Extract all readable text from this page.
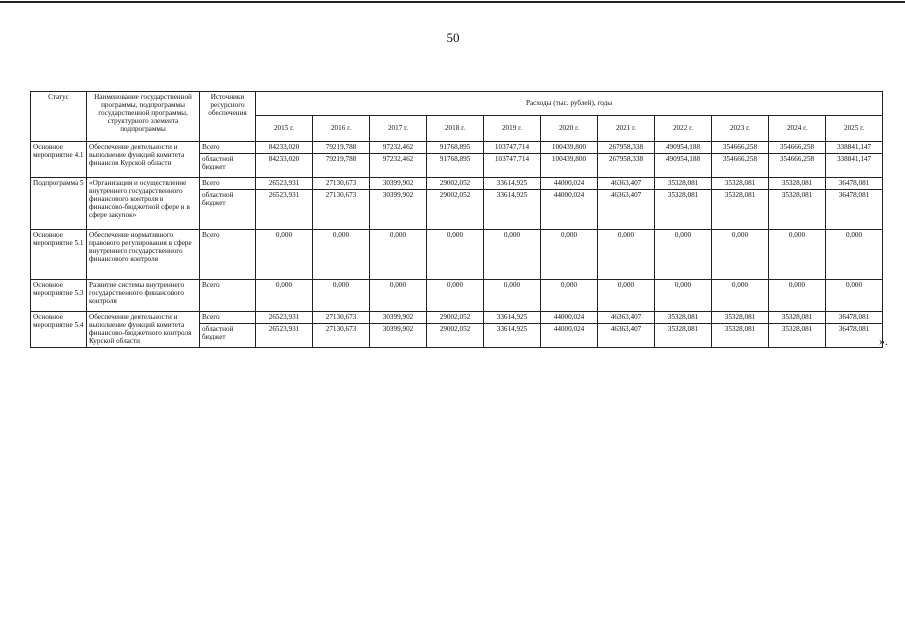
50
Статус	Наименование государственной программы, подпрограммы государственной программы, структурного элемента подпрограммы	Источники ресурсного обеспечения	Расходы (тыс. рублей), годы										
			2015 г.	2016 г.	2017 г.	2018 г.	2019 г.	2020 г.	2021 г.	2022 г.	2023 г.	2024 г.	2025 г.
Основное мероприятие 4.1	Обеспечение деятельности и выполнение функций комитета финансов Курской области	Всего	84233,020	79219,788	97232,462	91768,895	103747,714	100439,800	267958,338	490954,188	354666,258	354666,258	338841,147
		областной бюджет	84233,020	79219,788	97232,462	91768,895	103747,714	100439,800	267958,338	490954,188	354666,258	354666,258	338841,147
Подпрограмма 5	«Организация и осуществление внутреннего государственного финансового контроля в финансово-бюджетной сфере и в сфере закупок»	Всего	26523,931	27130,673	30399,902	29002,052	33614,925	44000,024	46363,407	35328,081	35328,081	35328,081	36478,081
		областной бюджет	26523,931	27130,673	30399,902	29002,052	33614,925	44000,024	46363,407	35328,081	35328,081	35328,081	36478,081
Основное мероприятие 5.1	Обеспечение нормативного правового регулирования в сфере внутреннего государственного финансового контроля	Всего	0,000	0,000	0,000	0,000	0,000	0,000	0,000	0,000	0,000	0,000	0,000
Основное мероприятие 5.3	Развитие системы внутреннего государственного финансового контроля	Всего	0,000	0,000	0,000	0,000	0,000	0,000	0,000	0,000	0,000	0,000	0,000
Основное мероприятие 5.4	Обеспечение деятельности и выполнение функций комитета финансово-бюджетного контроля Курской области	Всего	26523,931	27130,673	30399,902	29002,052	33614,925	44000,024	46363,407	35328,081	35328,081	35328,081	36478,081
		областной бюджет	26523,931	27130,673	30399,902	29002,052	33614,925	44000,024	46363,407	35328,081	35328,081	35328,081	36478,081
».
